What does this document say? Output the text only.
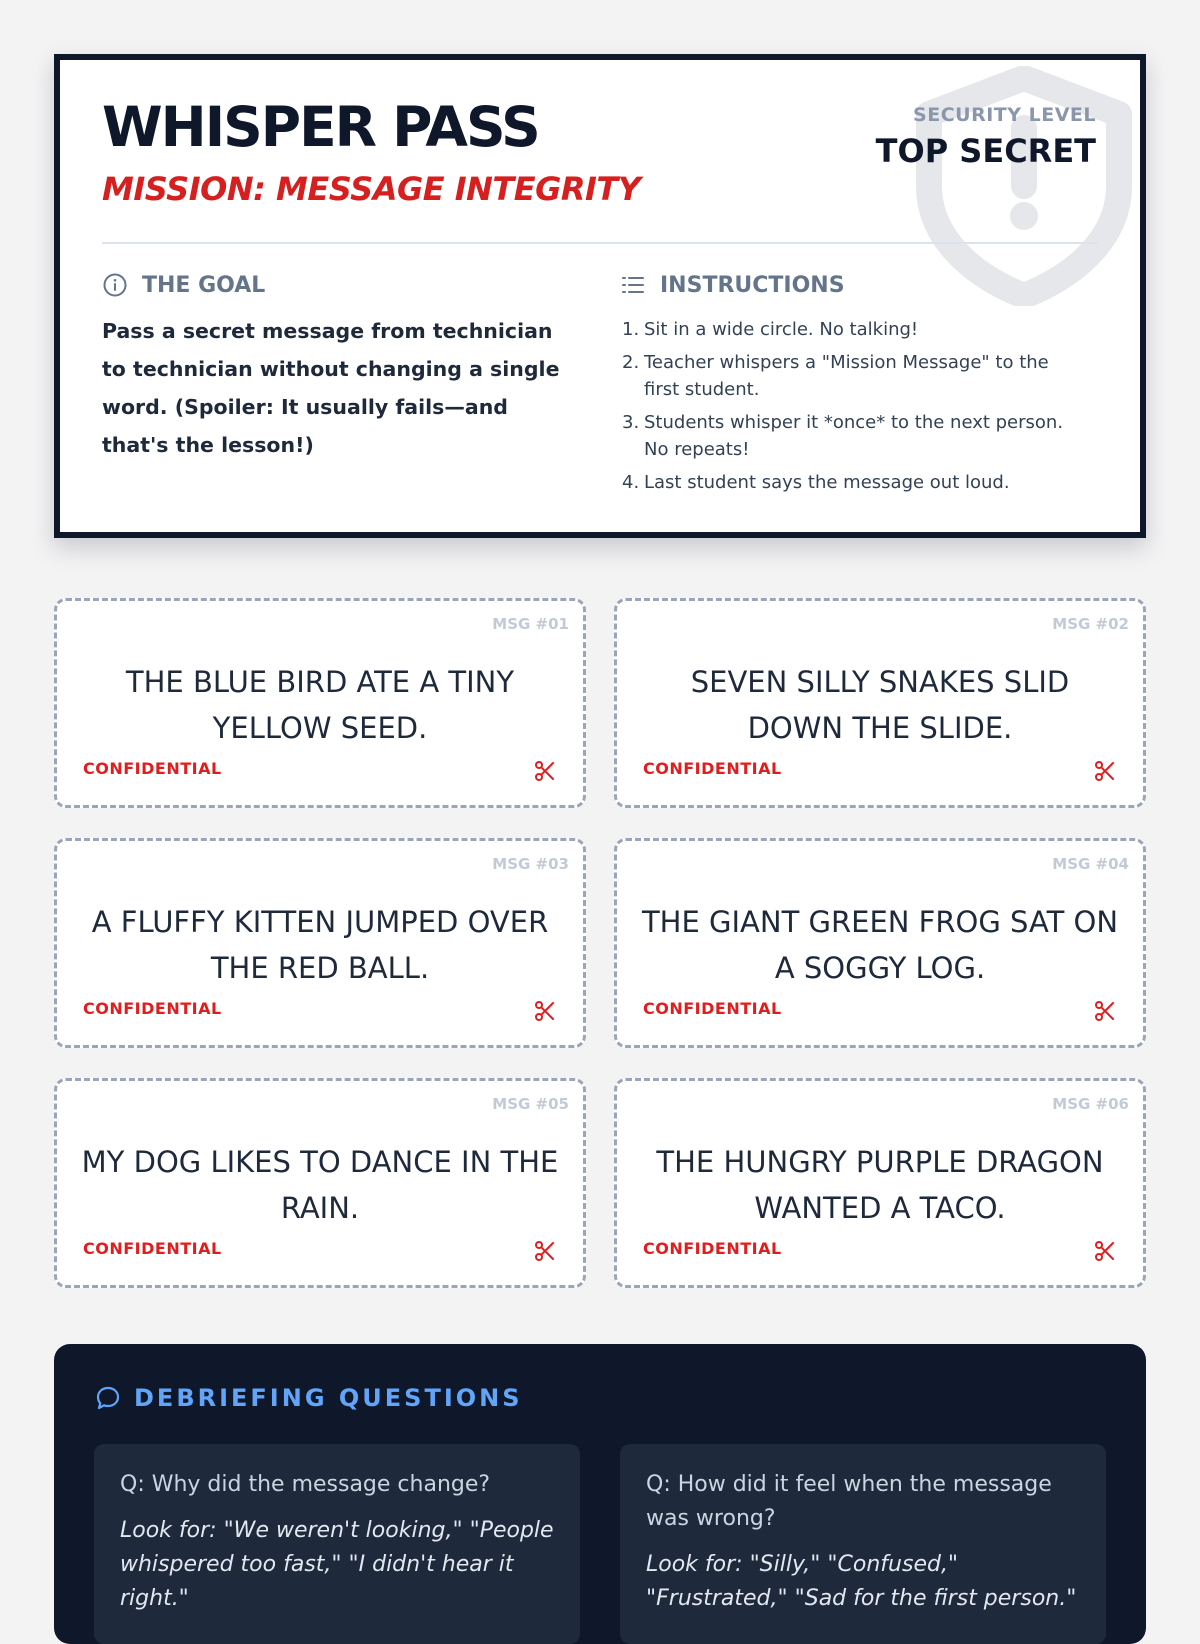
WHISPER PASS
MISSION: MESSAGE INTEGRITY
SECURITY LEVEL
TOP SECRET
THE GOAL

Pass a secret message from technician to technician without changing a single word. (Spoiler: It usually fails—and that's the lesson!)

INSTRUCTIONS
1. Sit in a wide circle. No talking!
2. Teacher whispers a "Mission Message" to the first student.
3. Students whisper it *once* to the next person. No repeats!
4. Last student says the message out loud.
MSG #01
THE BLUE BIRD ATE A TINY YELLOW SEED.
CONFIDENTIAL
MSG #02
SEVEN SILLY SNAKES SLID DOWN THE SLIDE.
CONFIDENTIAL
MSG #03
A FLUFFY KITTEN JUMPED OVER THE RED BALL.
CONFIDENTIAL
MSG #04
THE GIANT GREEN FROG SAT ON A SOGGY LOG.
CONFIDENTIAL
MSG #05
MY DOG LIKES TO DANCE IN THE RAIN.
CONFIDENTIAL
MSG #06
THE HUNGRY PURPLE DRAGON WANTED A TACO.
CONFIDENTIAL
DEBRIEFING QUESTIONS

Q: Why did the message change?

Look for: "We weren't looking," "People whispered too fast," "I didn't hear it right."

Q: How did it feel when the message was wrong?

Look for: "Silly," "Confused," "Frustrated," "Sad for the first person."
